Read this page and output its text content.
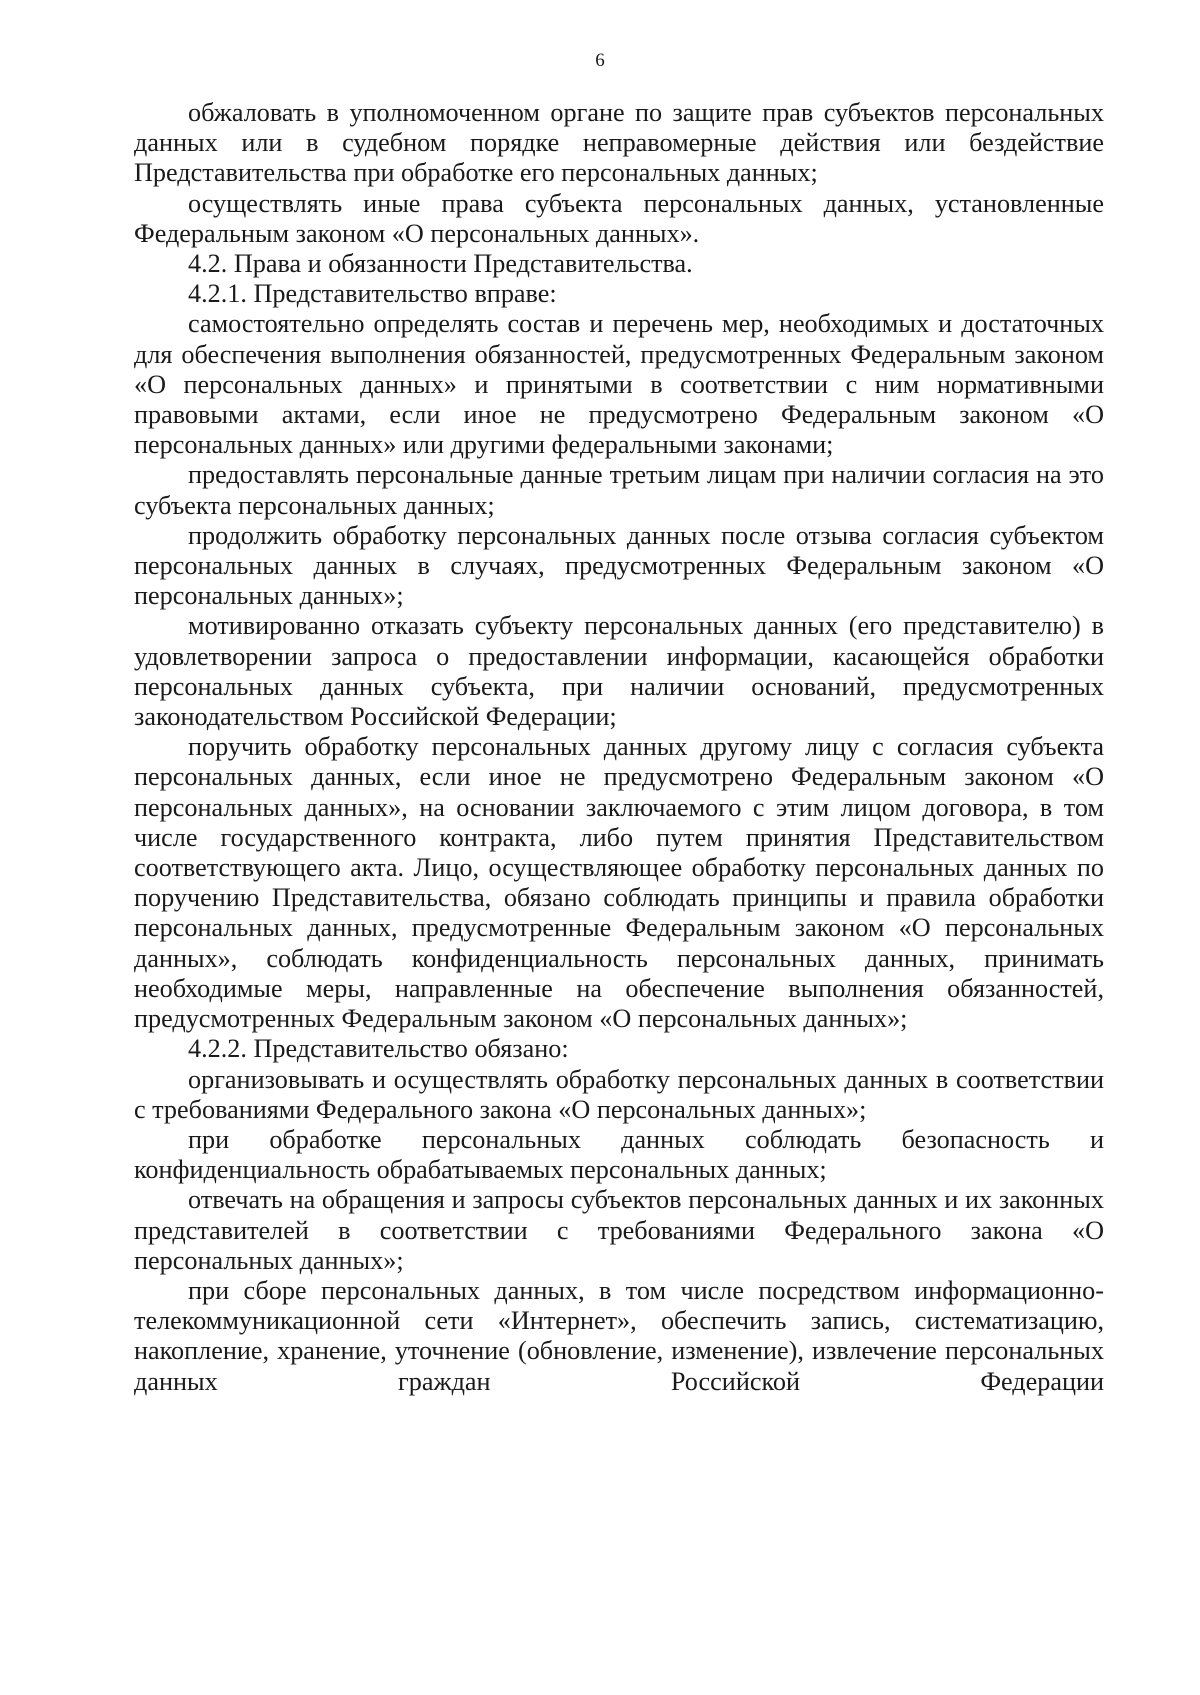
6

обжаловать в уполномоченном органе по защите прав субъектов персональных данных или в судебном порядке неправомерные действия или бездействие Представительства при обработке его персональных данных;

осуществлять иные права субъекта персональных данных, установленные Федеральным законом «О персональных данных».

4.2. Права и обязанности Представительства.

4.2.1. Представительство вправе:

самостоятельно определять состав и перечень мер, необходимых и достаточных для обеспечения выполнения обязанностей, предусмотренных Федеральным законом «О персональных данных» и принятыми в соответствии с ним нормативными правовыми актами, если иное не предусмотрено Федеральным законом «О персональных данных» или другими федеральными законами;

предоставлять персональные данные третьим лицам при наличии согласия на это субъекта персональных данных;

продолжить обработку персональных данных после отзыва согласия субъектом персональных данных в случаях, предусмотренных Федеральным законом «О персональных данных»;

мотивированно отказать субъекту персональных данных (его представителю) в удовлетворении запроса о предоставлении информации, касающейся обработки персональных данных субъекта, при наличии оснований, предусмотренных законодательством Российской Федерации;

поручить обработку персональных данных другому лицу с согласия субъекта персональных данных, если иное не предусмотрено Федеральным законом «О персональных данных», на основании заключаемого с этим лицом договора, в том числе государственного контракта, либо путем принятия Представительством соответствующего акта. Лицо, осуществляющее обработку персональных данных по поручению Представительства, обязано соблюдать принципы и правила обработки персональных данных, предусмотренные Федеральным законом «О персональных данных», соблюдать конфиденциальность персональных данных, принимать необходимые меры, направленные на обеспечение выполнения обязанностей, предусмотренных Федеральным законом «О персональных данных»;

4.2.2. Представительство обязано:

организовывать и осуществлять обработку персональных данных в соответствии с требованиями Федерального закона «О персональных данных»;

при обработке персональных данных соблюдать безопасность и конфиденциальность обрабатываемых персональных данных;

отвечать на обращения и запросы субъектов персональных данных и их законных представителей в соответствии с требованиями Федерального закона «О персональных данных»;

при сборе персональных данных, в том числе посредством информационно-телекоммуникационной сети «Интернет», обеспечить запись, систематизацию, накопление, хранение, уточнение (обновление, изменение), извлечение персональных данных граждан Российской Федерации
